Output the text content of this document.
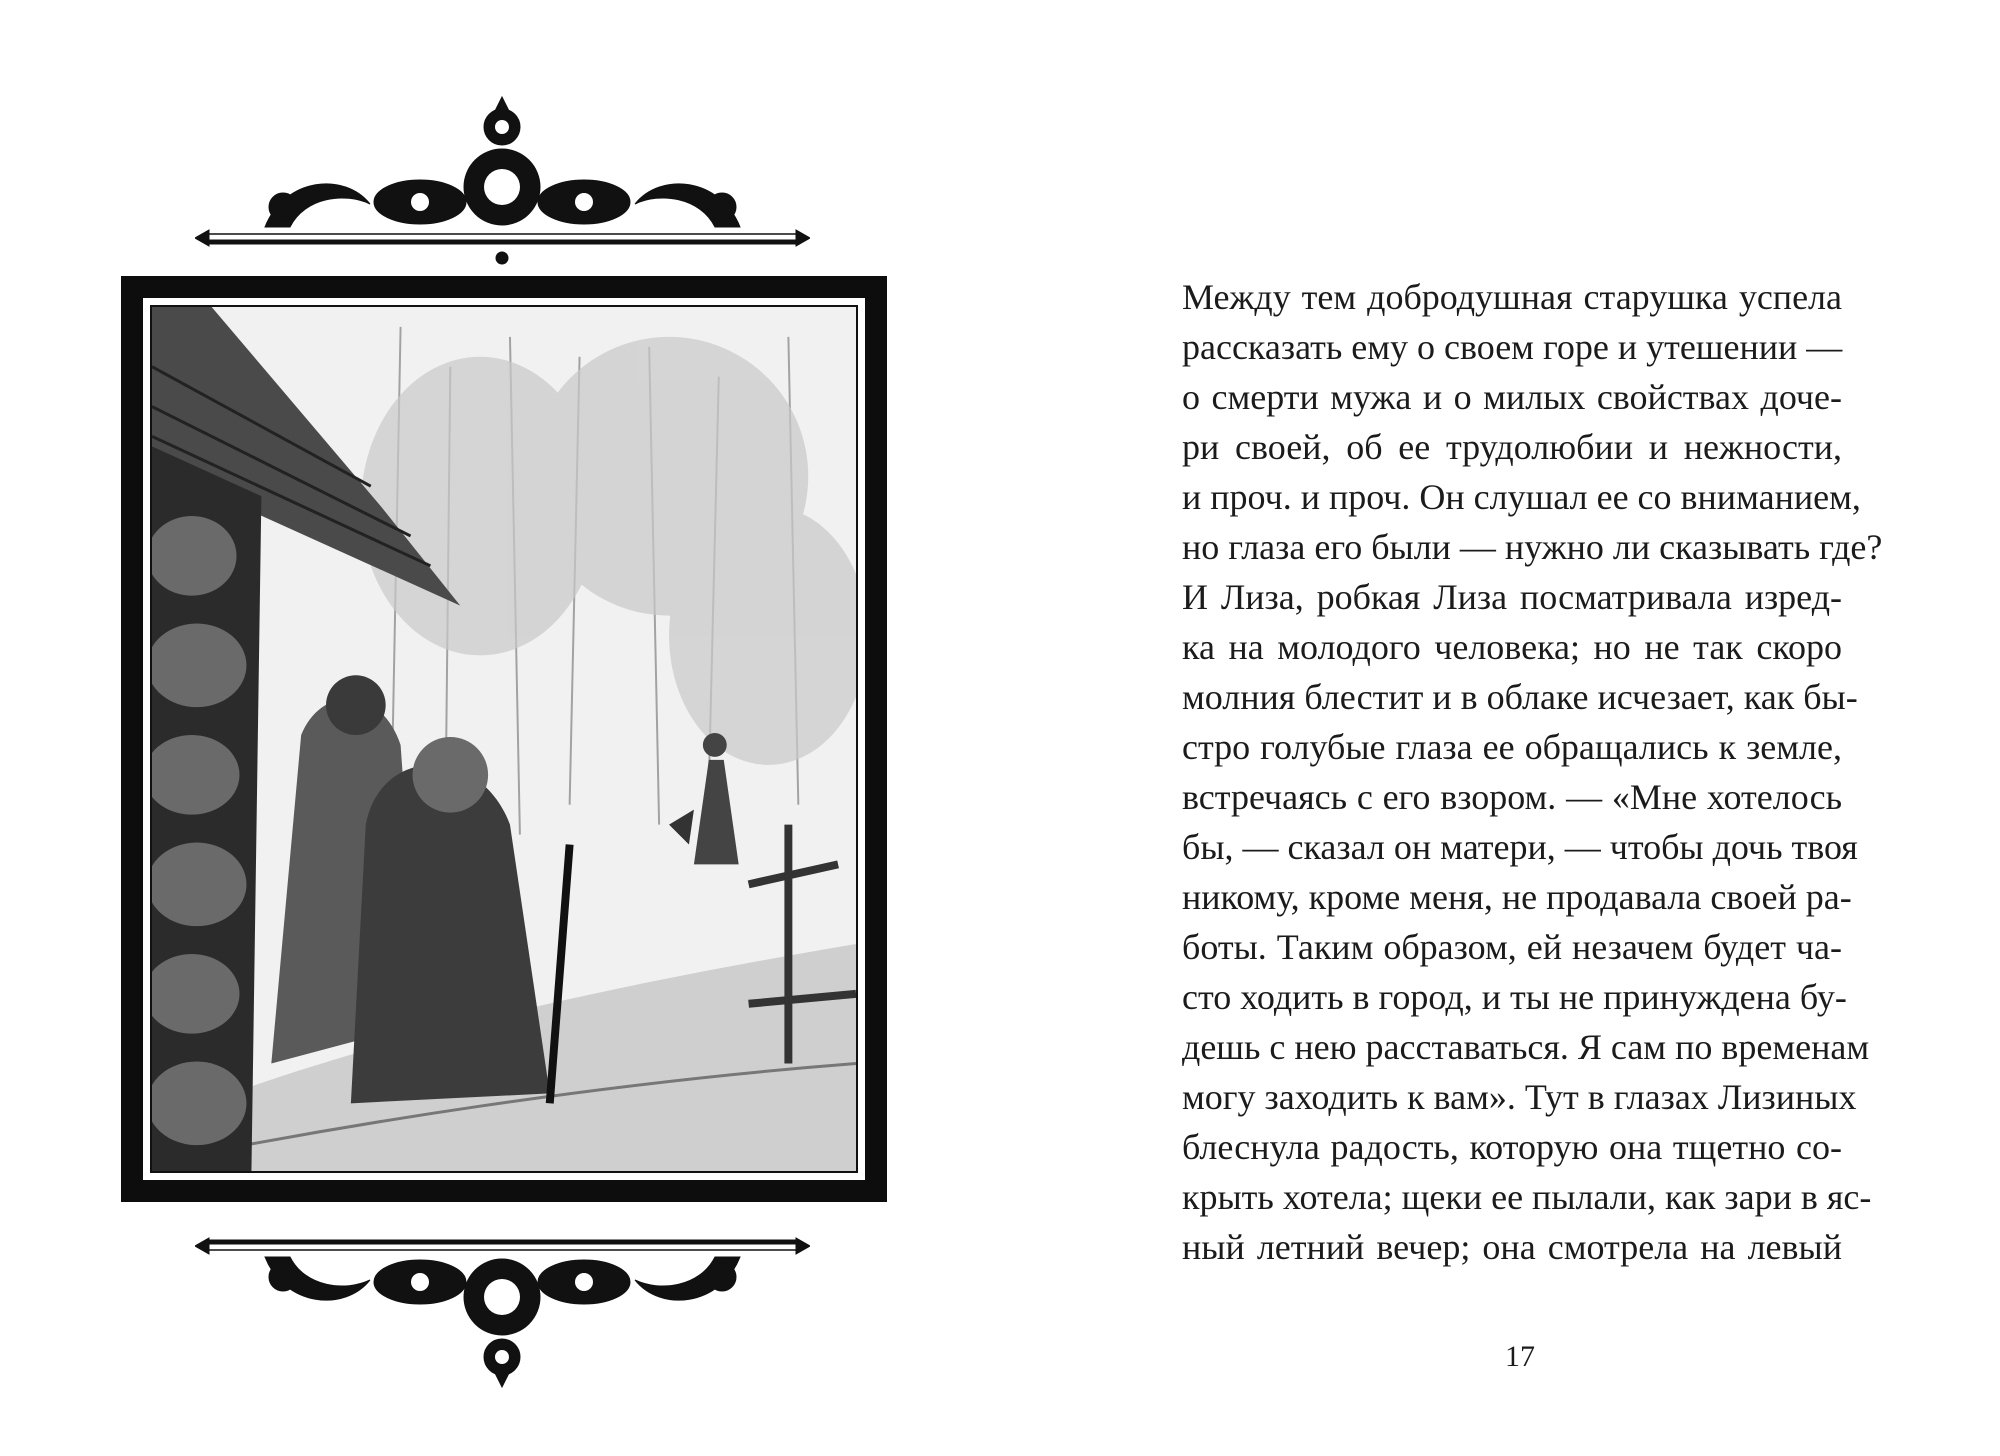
Между тем добродушная старушка успела
рассказать ему о своем горе и утешении —
о смерти мужа и о милых свойствах доче-
ри своей, об ее трудолюбии и нежности,
и проч. и проч. Он слушал ее со вниманием,
но глаза его были — нужно ли сказывать где?
И Лиза, робкая Лиза посматривала изред-
ка на молодого человека; но не так скоро
молния блестит и в облаке исчезает, как бы-
стро голубые глаза ее обращались к земле,
встречаясь с его взором. — «Мне хотелось
бы, — сказал он матери, — чтобы дочь твоя
никому, кроме меня, не продавала своей ра-
боты. Таким образом, ей незачем будет ча-
сто ходить в город, и ты не принуждена бу-
дешь с нею расставаться. Я сам по временам
могу заходить к вам». Тут в глазах Лизиных
блеснула радость, которую она тщетно со-
крыть хотела; щеки ее пылали, как зари в яс-
ный летний вечер; она смотрела на левый
17
